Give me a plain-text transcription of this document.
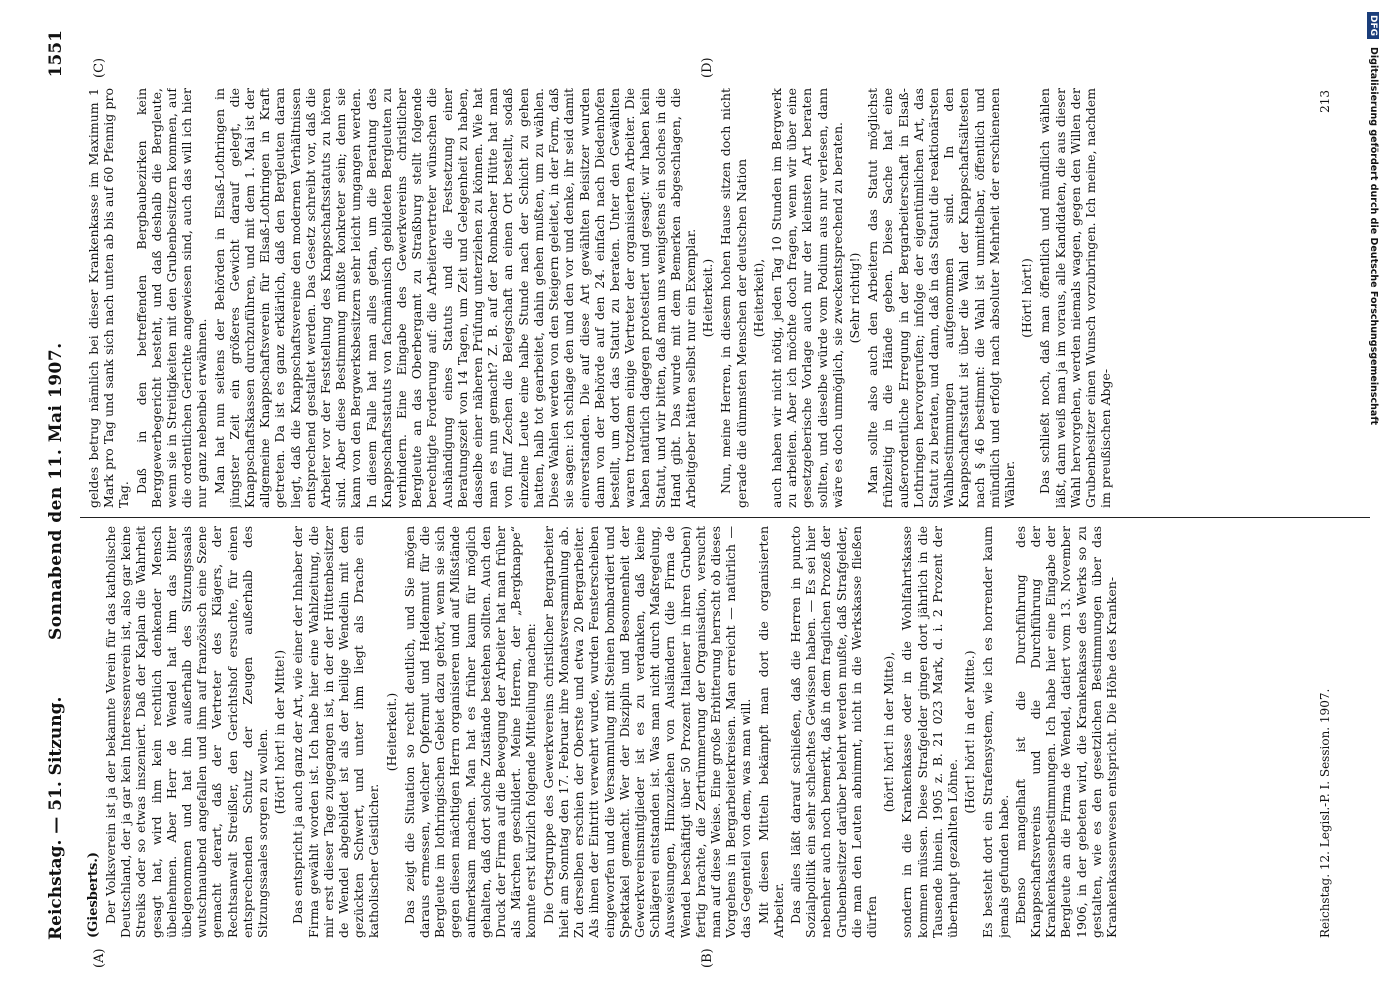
Reichstag. — 51. Sitzung.
Sonnabend den 11. Mai 1907.
1551
(A)	(B)
(C)	(D)
(Giesberts.) Der Volksverein ist ja der bekannte Verein für das katholische Deutschland, der ja gar kein Interessenverein ist, also gar keine Streiks oder so etwas inszeniert. Daß der Kaplan die Wahrheit gesagt hat, wird ihm kein rechtlich denkender Mensch übelnehmen. Aber Herr de Wendel hat ihm das bitter übelgenommen und hat ihn außerhalb des Sitzungssaals wutschnaubend angefallen und ihm auf französisch eine Szene gemacht derart, daß der Vertreter des Klägers, der Rechtsanwalt Streißler, den Gerichtshof ersuchte, für einen entsprechenden Schutz der Zeugen außerhalb des Sitzungssaales sorgen zu wollen. (Hört! hört! in der Mitte!) Das entspricht ja auch ganz der Art, wie einer der Inhaber der Firma gewählt worden ist. Ich habe hier eine Wahlzeitung, die mir erst dieser Tage zugegangen ist, in der der Hüttenbesitzer de Wendel abgebildet ist als der heilige Wendelin mit dem gezückten Schwert, und unter ihm liegt als Drache ein katholischer Geistlicher.

(Heiterkeit.) Das zeigt die Situation so recht deutlich, und Sie mögen daraus ermessen, welcher Opfermut und Heldenmut für die Bergleute im lothringischen Gebiet dazu gehört, wenn sie sich gegen diesen mächtigen Herrn organisieren und auf Mißstände aufmerksam machen. Man hat es früher kaum für möglich gehalten, daß dort solche Zustände bestehen sollten. Auch den Druck der Firma auf die Bewegung der Arbeiter hat man früher als Märchen geschildert. Meine Herren, der „Bergknappe“ konnte erst kürzlich folgende Mitteilung machen: Die Ortsgruppe des Gewerkvereins christlicher Bergarbeiter hielt am Sonntag den 17. Februar ihre Monatsversammlung ab. Zu derselben erschien der Oberste und etwa 20 Bergarbeiter. Als ihnen der Eintritt verwehrt wurde, wurden Fensterscheiben eingeworfen und die Versammlung mit Steinen bombardiert und Spektakel gemacht. Wer der Disziplin und Besonnenheit der Gewerkvereinsmitglieder ist es zu verdanken, daß keine Schlägerei entstanden ist. Was man nicht durch Maßregelung, Ausweisungen, Hinzuziehen von Ausländern (die Firma de Wendel beschäftigt über 50 Prozent Italiener in ihren Gruben) fertig brachte, die Zertrümmerung der Organisation, versucht man auf diese Weise. Eine große Erbitterung herrscht ob dieses Vorgehens in Bergarbeiterkreisen. Man erreicht — natürlich — das Gegenteil von dem, was man will. Mit diesen Mitteln bekämpft man dort die organisierten Arbeiter. Das alles läßt darauf schließen, daß die Herren in puncto Sozialpolitik ein sehr schlechtes Gewissen haben. — Es sei hier nebenher auch noch bemerkt, daß in dem fraglichen Prozeß der Grubenbesitzer darüber belehrt werden mußte, daß Strafgelder, die man den Leuten abnimmt, nicht in die Werkskasse fließen dürfen

(hört! hört! in der Mitte), sondern in die Krankenkasse oder in die Wohlfahrtskasse kommen müssen. Diese Strafgelder gingen dort jährlich in die Tausende hinein. 1905 z. B. 21 023 Mark, d. i. 2 Prozent der überhaupt gezahlten Löhne.

(Hört! hört! in der Mitte.) Es besteht dort ein Strafensystem, wie ich es horrender kaum jemals gefunden habe. Ebenso mangelhaft ist die Durchführung des Knappschaftsvereins und die Durchführung der Krankenkassenbestimmungen. Ich habe hier eine Eingabe der Bergleute an die Firma de Wendel, datiert vom 13. November 1906, in der gebeten wird, die Krankenkasse des Werks so zu gestalten, wie es den gesetzlichen Bestimmungen über das Krankenkassenwesen entspricht. Die Höhe des Kranken-

geldes betrug nämlich bei dieser Krankenkasse im Maximum 1 Mark pro Tag und sank sich nach unten ab bis auf 60 Pfennig pro Tag.

Daß in den betreffenden Bergbaubezirken kein Berggewerbegericht besteht, und daß deshalb die Bergleute, wenn sie in Streitigkeiten mit den Grubenbesitzern kommen, auf die ordentlichen Gerichte angewiesen sind, auch das will ich hier nur ganz nebenbei erwähnen. Man hat nun seitens der Behörden in Elsaß-Lothringen in jüngster Zeit ein größeres Gewicht darauf gelegt, die Knappschaftskassen durchzuführen, und mit dem 1. Mai ist der allgemeine Knappschaftsverein für Elsaß-Lothringen in Kraft getreten. Da ist es ganz erklärlich, daß den Bergleuten daran liegt, daß die Knappschaftsvereine den modernen Verhältnissen entsprechend gestaltet werden. Das Gesetz schreibt vor, daß die Arbeiter vor der Feststellung des Knappschaftsstatuts zu hören sind. Aber diese Bestimmung müßte konkreter sein; denn sie kann von den Bergwerksbesitzern sehr leicht umgangen werden. In diesem Falle hat man alles getan, um die Beratung des Knappschaftsstatuts von fachmännisch gebildeten Bergleuten zu verhindern. Eine Eingabe des Gewerkvereins christlicher Bergleute an das Oberbergamt zu Straßburg stellt folgende berechtigte Forderung auf: die Arbeitervertreter wünschen die Aushändigung eines Statuts und die Festsetzung einer Beratungszeit von 14 Tagen, um Zeit und Gelegenheit zu haben, dasselbe einer näheren Prüfung unterziehen zu können. Wie hat man es nun gemacht? Z. B. auf der Rombacher Hütte hat man von fünf Zechen die Belegschaft an einen Ort bestellt, sodaß einzelne Leute eine halbe Stunde nach der Schicht zu gehen hatten, halb tot gearbeitet, dahin gehen mußten, um zu wählen. Diese Wahlen werden von den Steigern geleitet, in der Form, daß sie sagen: ich schlage den und den vor und denke, ihr seid damit einverstanden. Die auf diese Art gewählten Beisitzer wurden dann von der Behörde auf den 24. einfach nach Diedenhofen bestellt, um dort das Statut zu beraten. Unter den Gewählten waren trotzdem einige Vertreter der organisierten Arbeiter. Die haben natürlich dagegen protestiert und gesagt: wir haben kein Statut, und wir bitten, daß man uns wenigstens ein solches in die Hand gibt. Das wurde mit dem Bemerken abgeschlagen, die Arbeitgeber hätten selbst nur ein Exemplar. (Heiterkeit.) Nun, meine Herren, in diesem hohen Hause sitzen doch nicht gerade die dümmsten Menschen der deutschen Nation (Heiterkeit), auch haben wir nicht nötig, jeden Tag 10 Stunden im Bergwerk zu arbeiten. Aber ich möchte doch fragen, wenn wir über eine gesetzgeberische Vorlage auch nur der kleinsten Art beraten sollten, und dieselbe würde vom Podium aus nur verlesen, dann wäre es doch unmöglich, sie zweckentsprechend zu beraten. (Sehr richtig!) Man sollte also auch den Arbeitern das Statut möglichst frühzeitig in die Hände geben. Diese Sache hat eine außerordentliche Erregung in der Bergarbeiterschaft in Elsaß-Lothringen hervorgerufen; infolge der eigentümlichen Art, das Statut zu beraten, und dann, daß in das Statut die reaktionärsten Wahlbestimmungen aufgenommen sind. In den Knappschaftsstatut ist über die Wahl der Knappschaftsältesten nach § 46 bestimmt: die Wahl ist unmittelbar, öffentlich und mündlich und erfolgt nach absoluter Mehrheit der erschienenen Wähler.

(Hört! hört!) Das schließt noch, daß man öffentlich und mündlich wählen läßt, dann weiß man ja im voraus, alle Kandidaten, die aus dieser Wahl hervorgehen, werden niemals wagen, gegen den Willen der Grubenbesitzer einen Wunsch vorzubringen. Ich meine, nachdem im preußischen Abge-

Reichstag. 12. Legisl.-P. I. Session. 1907.
213
DFGDigitalisierung gefördert durch die Deutsche Forschungsgemeinschaft
